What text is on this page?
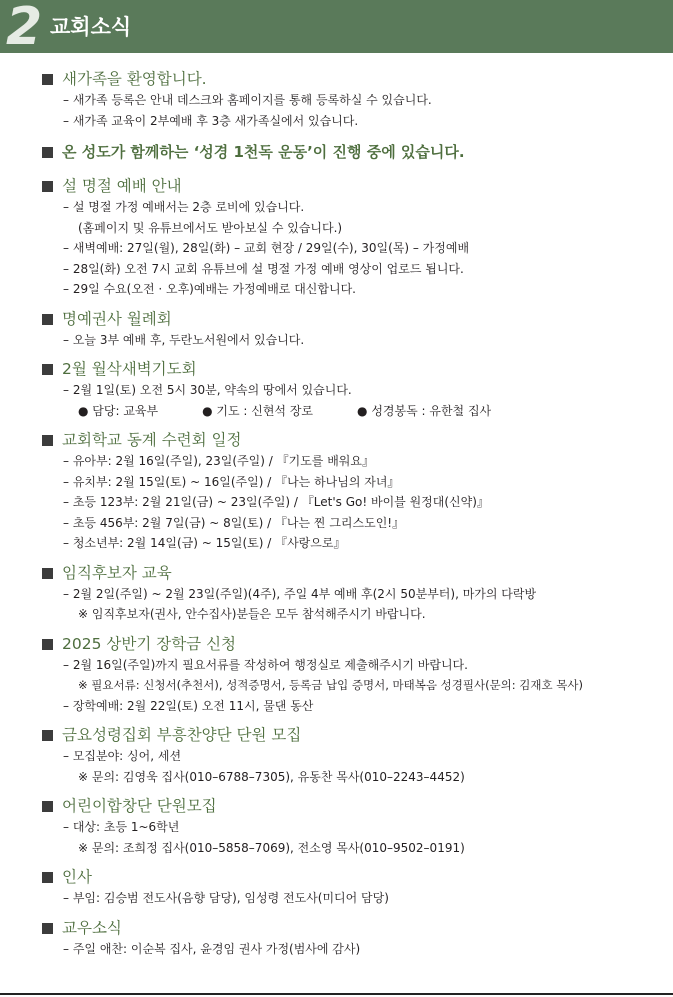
2 교회소식
새가족을 환영합니다.
– 새가족 등록은 안내 데스크와 홈페이지를 통해 등록하실 수 있습니다.
– 새가족 교육이 2부예배 후 3층 새가족실에서 있습니다.
온 성도가 함께하는 ‘성경 1천독 운동’이 진행 중에 있습니다.
설 명절 예배 안내
– 설 명절 가정 예배서는 2층 로비에 있습니다.
(홈페이지 및 유튜브에서도 받아보실 수 있습니다.)
– 새벽예배: 27일(월), 28일(화) – 교회 현장 / 29일(수), 30일(목) – 가정예배
– 28일(화) 오전 7시 교회 유튜브에 설 명절 가정 예배 영상이 업로드 됩니다.
– 29일 수요(오전 · 오후)예배는 가정예배로 대신합니다.
명예권사 월례회
– 오늘 3부 예배 후, 두란노서원에서 있습니다.
2월 월삭새벽기도회
– 2월 1일(토) 오전 5시 30분, 약속의 땅에서 있습니다.
● 담당: 교육부	● 기도 : 신현석 장로	● 성경봉독 : 유한철 집사
교회학교 동계 수련회 일정
– 유아부: 2월 16일(주일), 23일(주일) / 『기도를 배워요』
– 유치부: 2월 15일(토) ~ 16일(주일) / 『나는 하나님의 자녀』
– 초등 123부: 2월 21일(금) ~ 23일(주일) / 『Let's Go! 바이블 원정대(신약)』
– 초등 456부: 2월 7일(금) ~ 8일(토) / 『나는 찐 그리스도인!』
– 청소년부: 2월 14일(금) ~ 15일(토) / 『사랑으로』
임직후보자 교육
– 2월 2일(주일) ~ 2월 23일(주일)(4주), 주일 4부 예배 후(2시 50분부터), 마가의 다락방
※ 임직후보자(권사, 안수집사)분들은 모두 참석해주시기 바랍니다.
2025 상반기 장학금 신청
– 2월 16일(주일)까지 필요서류를 작성하여 행정실로 제출해주시기 바랍니다.
※ 필요서류: 신청서(추천서), 성적증명서, 등록금 납입 증명서, 마태복음 성경필사(문의: 김재호 목사)
– 장학예배: 2월 22일(토) 오전 11시, 물댄 동산
금요성령집회 부흥찬양단 단원 모집
– 모집분야: 싱어, 세션
※ 문의: 김영욱 집사(010–6788–7305), 유동찬 목사(010–2243–4452)
어린이합창단 단원모집
– 대상: 초등 1~6학년
※ 문의: 조희정 집사(010–5858–7069), 전소영 목사(010–9502–0191)
인사
– 부임: 김승범 전도사(음향 담당), 임성령 전도사(미디어 담당)
교우소식
– 주일 애찬: 이순복 집사, 윤경임 권사 가정(범사에 감사)
